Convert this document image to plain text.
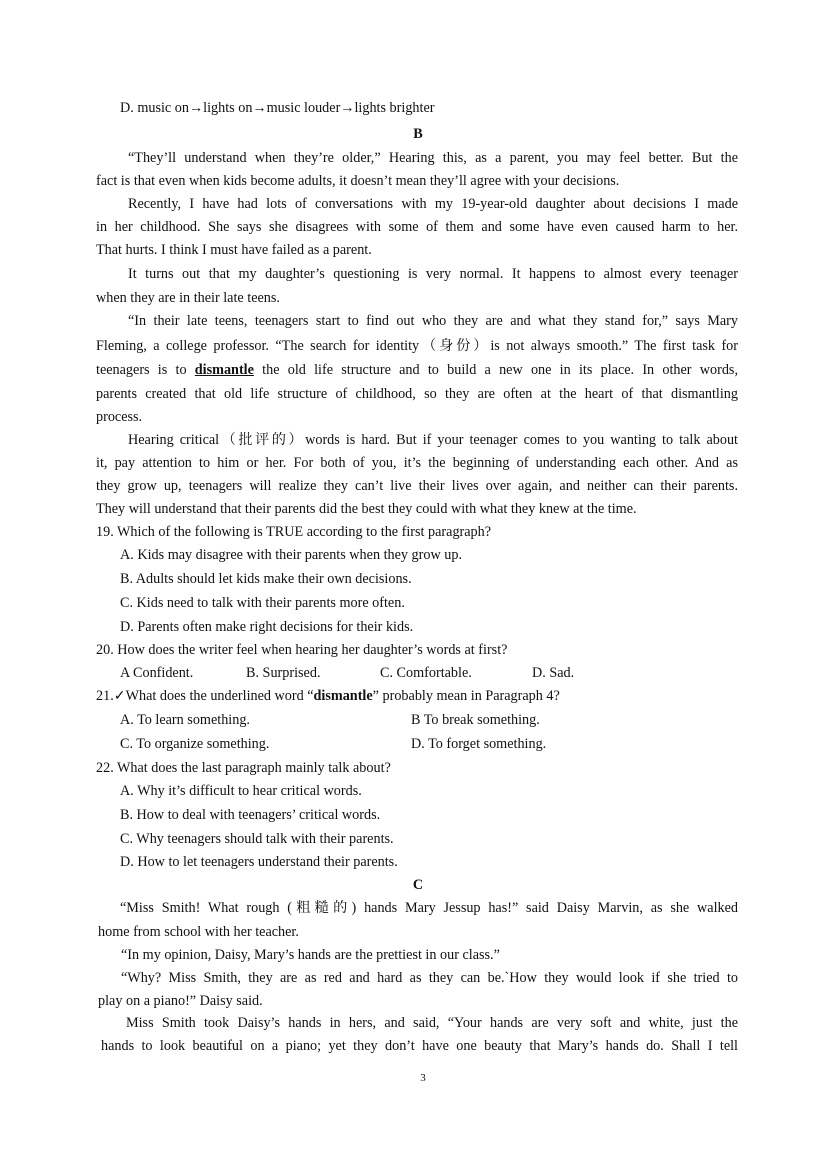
D. music on→lights on→music louder→lights brighter
B
“They’ll understand when they’re older,” Hearing this, as a parent, you may feel better. But the
fact is that even when kids become adults, it doesn’t mean they’ll agree with your decisions.
Recently, I have had lots of conversations with my 19-year-old daughter about decisions I made
in her childhood. She says she disagrees with some of them and some have even caused harm to her.
That hurts. I think I must have failed as a parent.
It turns out that my daughter’s questioning is very normal. It happens to almost every teenager
when they are in their late teens.
“In their late teens, teenagers start to find out who they are and what they stand for,” says Mary
Fleming, a college professor. “The search for identity（身份）is not always smooth.” The first task for
teenagers is to dismantle the old life structure and to build a new one in its place. In other words,
parents created that old life structure of childhood, so they are often at the heart of that dismantling
process.
Hearing critical（批评的）words is hard. But if your teenager comes to you wanting to talk about
it, pay attention to him or her. For both of you, it’s the beginning of understanding each other. And as
they grow up, teenagers will realize they can’t live their lives over again, and neither can their parents.
They will understand that their parents did the best they could with what they knew at the time.
19. Which of the following is TRUE according to the first paragraph?
A. Kids may disagree with their parents when they grow up.
B. Adults should let kids make their own decisions.
C. Kids need to talk with their parents more often.
D. Parents often make right decisions for their kids.
20. How does the writer feel when hearing her daughter’s words at first?
A Confident.	B. Surprised.	C. Comfortable.	D. Sad.
21.✓What does the underlined word “dismantle” probably mean in Paragraph 4?
A. To learn something.	B To break something.
C. To organize something.	D. To forget something.
22. What does the last paragraph mainly talk about?
A. Why it’s difficult to hear critical words.
B. How to deal with teenagers’ critical words.
C. Why teenagers should talk with their parents.
D. How to let teenagers understand their parents.
C
“Miss Smith! What rough (粗糙的) hands Mary Jessup has!” said Daisy Marvin, as she walked
home from school with her teacher.
“In my opinion, Daisy, Mary’s hands are the prettiest in our class.”
“Why? Miss Smith, they are as red and hard as they can be.`How they would look if she tried to
play on a piano!” Daisy said.
Miss Smith took Daisy’s hands in hers, and said, “Your hands are very soft and white, just the
hands to look beautiful on a piano; yet they don’t have one beauty that Mary’s hands do. Shall I tell
3
